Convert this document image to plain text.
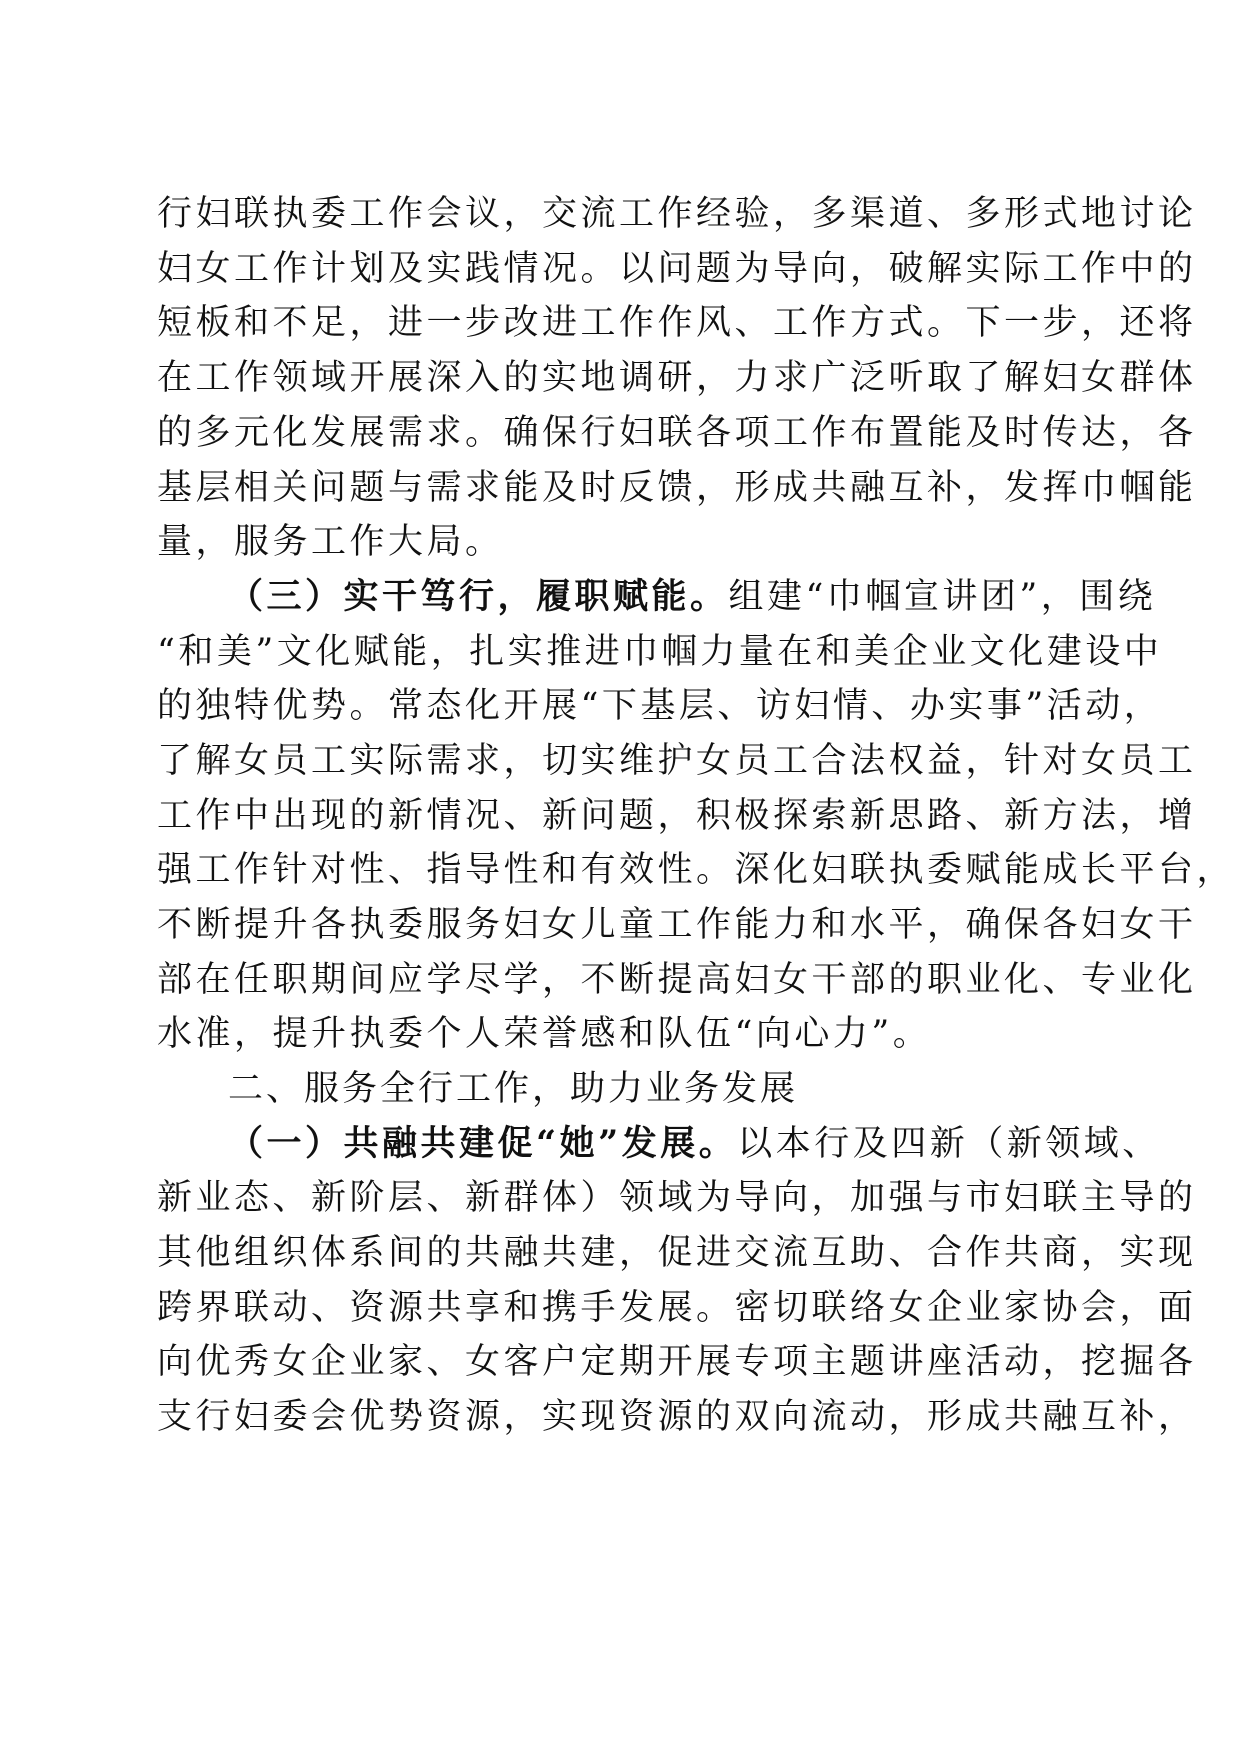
行妇联执委工作会议，交流工作经验，多渠道、多形式地讨论
妇女工作计划及实践情况。以问题为导向，破解实际工作中的
短板和不足，进一步改进工作作风、工作方式。下一步，还将
在工作领域开展深入的实地调研，力求广泛听取了解妇女群体
的多元化发展需求。确保行妇联各项工作布置能及时传达，各
基层相关问题与需求能及时反馈，形成共融互补，发挥巾帼能
量，服务工作大局。
（三）实干笃行，履职赋能。组建“巾帼宣讲团”，围绕
“和美”文化赋能，扎实推进巾帼力量在和美企业文化建设中
的独特优势。常态化开展“下基层、访妇情、办实事”活动，
了解女员工实际需求，切实维护女员工合法权益，针对女员工
工作中出现的新情况、新问题，积极探索新思路、新方法，增
强工作针对性、指导性和有效性。深化妇联执委赋能成长平台，
不断提升各执委服务妇女儿童工作能力和水平，确保各妇女干
部在任职期间应学尽学，不断提高妇女干部的职业化、专业化
水准，提升执委个人荣誉感和队伍“向心力”。
二、服务全行工作，助力业务发展
（一）共融共建促“她”发展。以本行及四新（新领域、
新业态、新阶层、新群体）领域为导向，加强与市妇联主导的
其他组织体系间的共融共建，促进交流互助、合作共商，实现
跨界联动、资源共享和携手发展。密切联络女企业家协会，面
向优秀女企业家、女客户定期开展专项主题讲座活动，挖掘各
支行妇委会优势资源，实现资源的双向流动，形成共融互补，
